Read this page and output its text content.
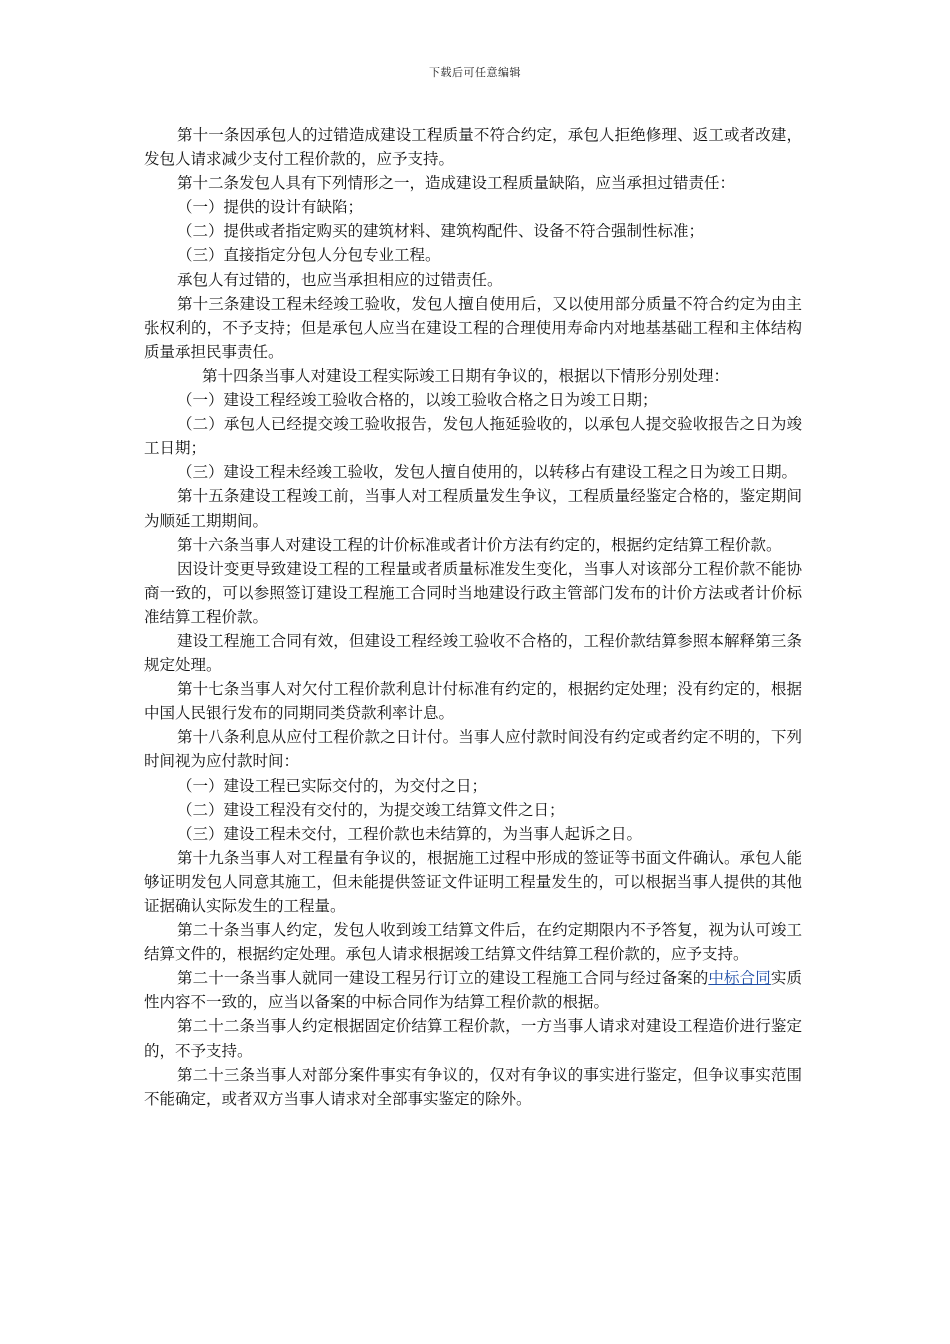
下载后可任意编辑

第十一条因承包人的过错造成建设工程质量不符合约定，承包人拒绝修理、返工或者改建，发包人请求减少支付工程价款的，应予支持。

第十二条发包人具有下列情形之一，造成建设工程质量缺陷，应当承担过错责任：

（一）提供的设计有缺陷；

（二）提供或者指定购买的建筑材料、建筑构配件、设备不符合强制性标准；

（三）直接指定分包人分包专业工程。

承包人有过错的，也应当承担相应的过错责任。

第十三条建设工程未经竣工验收，发包人擅自使用后，又以使用部分质量不符合约定为由主张权利的，不予支持；但是承包人应当在建设工程的合理使用寿命内对地基基础工程和主体结构质量承担民事责任。

第十四条当事人对建设工程实际竣工日期有争议的，根据以下情形分别处理：

（一）建设工程经竣工验收合格的，以竣工验收合格之日为竣工日期；

（二）承包人已经提交竣工验收报告，发包人拖延验收的，以承包人提交验收报告之日为竣工日期；

（三）建设工程未经竣工验收，发包人擅自使用的，以转移占有建设工程之日为竣工日期。

第十五条建设工程竣工前，当事人对工程质量发生争议，工程质量经鉴定合格的，鉴定期间为顺延工期期间。

第十六条当事人对建设工程的计价标准或者计价方法有约定的，根据约定结算工程价款。

因设计变更导致建设工程的工程量或者质量标准发生变化，当事人对该部分工程价款不能协商一致的，可以参照签订建设工程施工合同时当地建设行政主管部门发布的计价方法或者计价标准结算工程价款。

建设工程施工合同有效，但建设工程经竣工验收不合格的，工程价款结算参照本解释第三条规定处理。

第十七条当事人对欠付工程价款利息计付标准有约定的，根据约定处理；没有约定的，根据中国人民银行发布的同期同类贷款利率计息。

第十八条利息从应付工程价款之日计付。当事人应付款时间没有约定或者约定不明的，下列时间视为应付款时间：

（一）建设工程已实际交付的，为交付之日；

（二）建设工程没有交付的，为提交竣工结算文件之日；

（三）建设工程未交付，工程价款也未结算的，为当事人起诉之日。

第十九条当事人对工程量有争议的，根据施工过程中形成的签证等书面文件确认。承包人能够证明发包人同意其施工，但未能提供签证文件证明工程量发生的，可以根据当事人提供的其他证据确认实际发生的工程量。

第二十条当事人约定，发包人收到竣工结算文件后，在约定期限内不予答复，视为认可竣工结算文件的，根据约定处理。承包人请求根据竣工结算文件结算工程价款的，应予支持。

第二十一条当事人就同一建设工程另行订立的建设工程施工合同与经过备案的中标合同实质性内容不一致的，应当以备案的中标合同作为结算工程价款的根据。

第二十二条当事人约定根据固定价结算工程价款，一方当事人请求对建设工程造价进行鉴定的，不予支持。

第二十三条当事人对部分案件事实有争议的，仅对有争议的事实进行鉴定，但争议事实范围不能确定，或者双方当事人请求对全部事实鉴定的除外。
